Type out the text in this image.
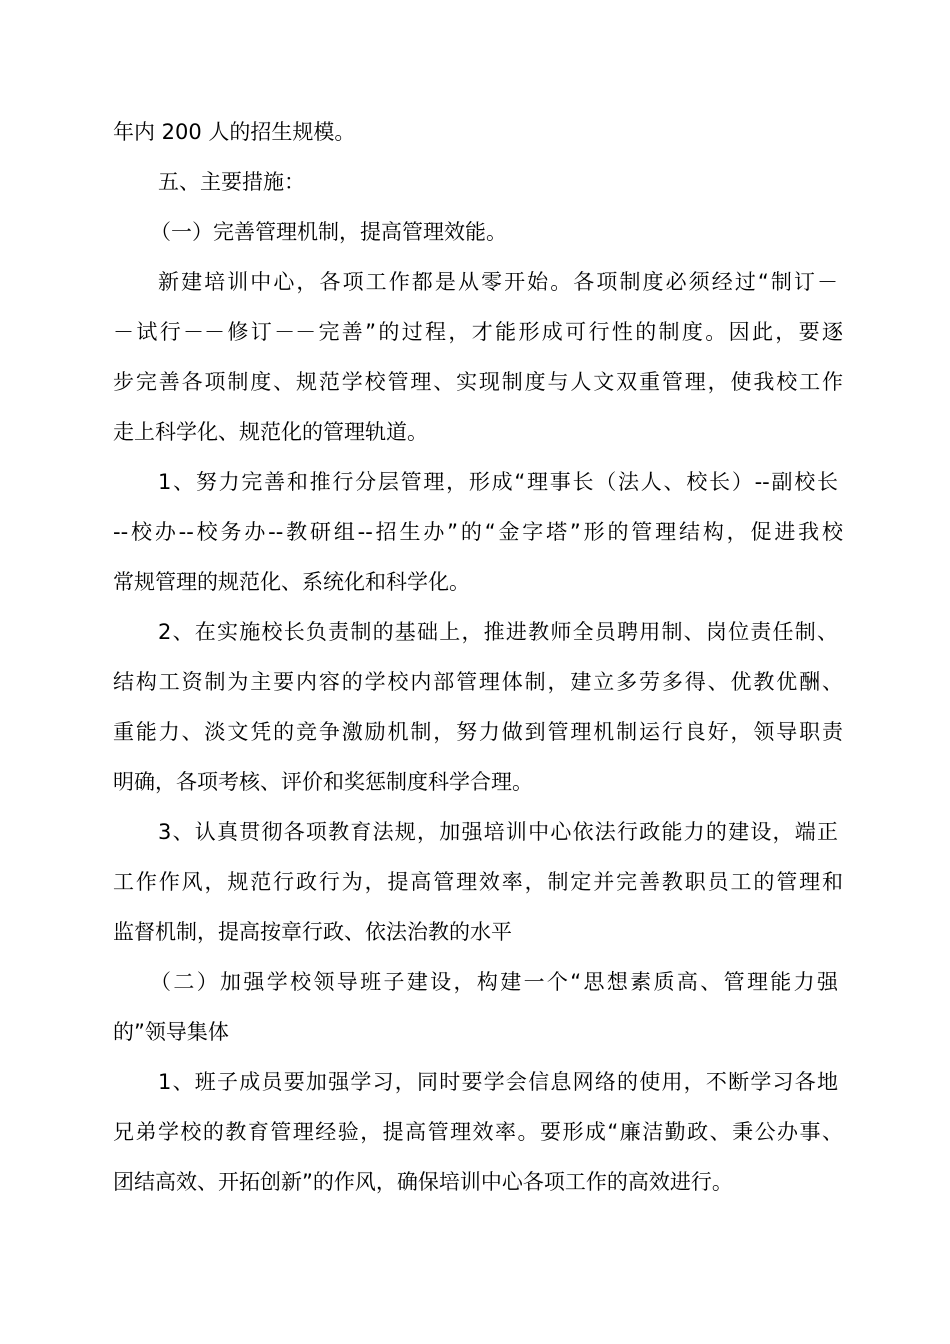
年内 200 人的招生规模。
五、主要措施：
（一）完善管理机制，提高管理效能。
新建培训中心，各项工作都是从零开始。各项制度必须经过“制订－
－试行－－修订－－完善”的过程，才能形成可行性的制度。因此，要逐
步完善各项制度、规范学校管理、实现制度与人文双重管理，使我校工作
走上科学化、规范化的管理轨道。
1、努力完善和推行分层管理，形成“理事长（法人、校长）--副校长
--校办--校务办--教研组--招生办”的“金字塔”形的管理结构，促进我校
常规管理的规范化、系统化和科学化。
2、在实施校长负责制的基础上，推进教师全员聘用制、岗位责任制、
结构工资制为主要内容的学校内部管理体制，建立多劳多得、优教优酬、
重能力、淡文凭的竞争激励机制，努力做到管理机制运行良好，领导职责
明确，各项考核、评价和奖惩制度科学合理。
3、认真贯彻各项教育法规，加强培训中心依法行政能力的建设，端正
工作作风，规范行政行为，提高管理效率，制定并完善教职员工的管理和
监督机制，提高按章行政、依法治教的水平
（二）加强学校领导班子建设，构建一个“思想素质高、管理能力强
的”领导集体
1、班子成员要加强学习，同时要学会信息网络的使用，不断学习各地
兄弟学校的教育管理经验，提高管理效率。要形成“廉洁勤政、秉公办事、
团结高效、开拓创新”的作风，确保培训中心各项工作的高效进行。
